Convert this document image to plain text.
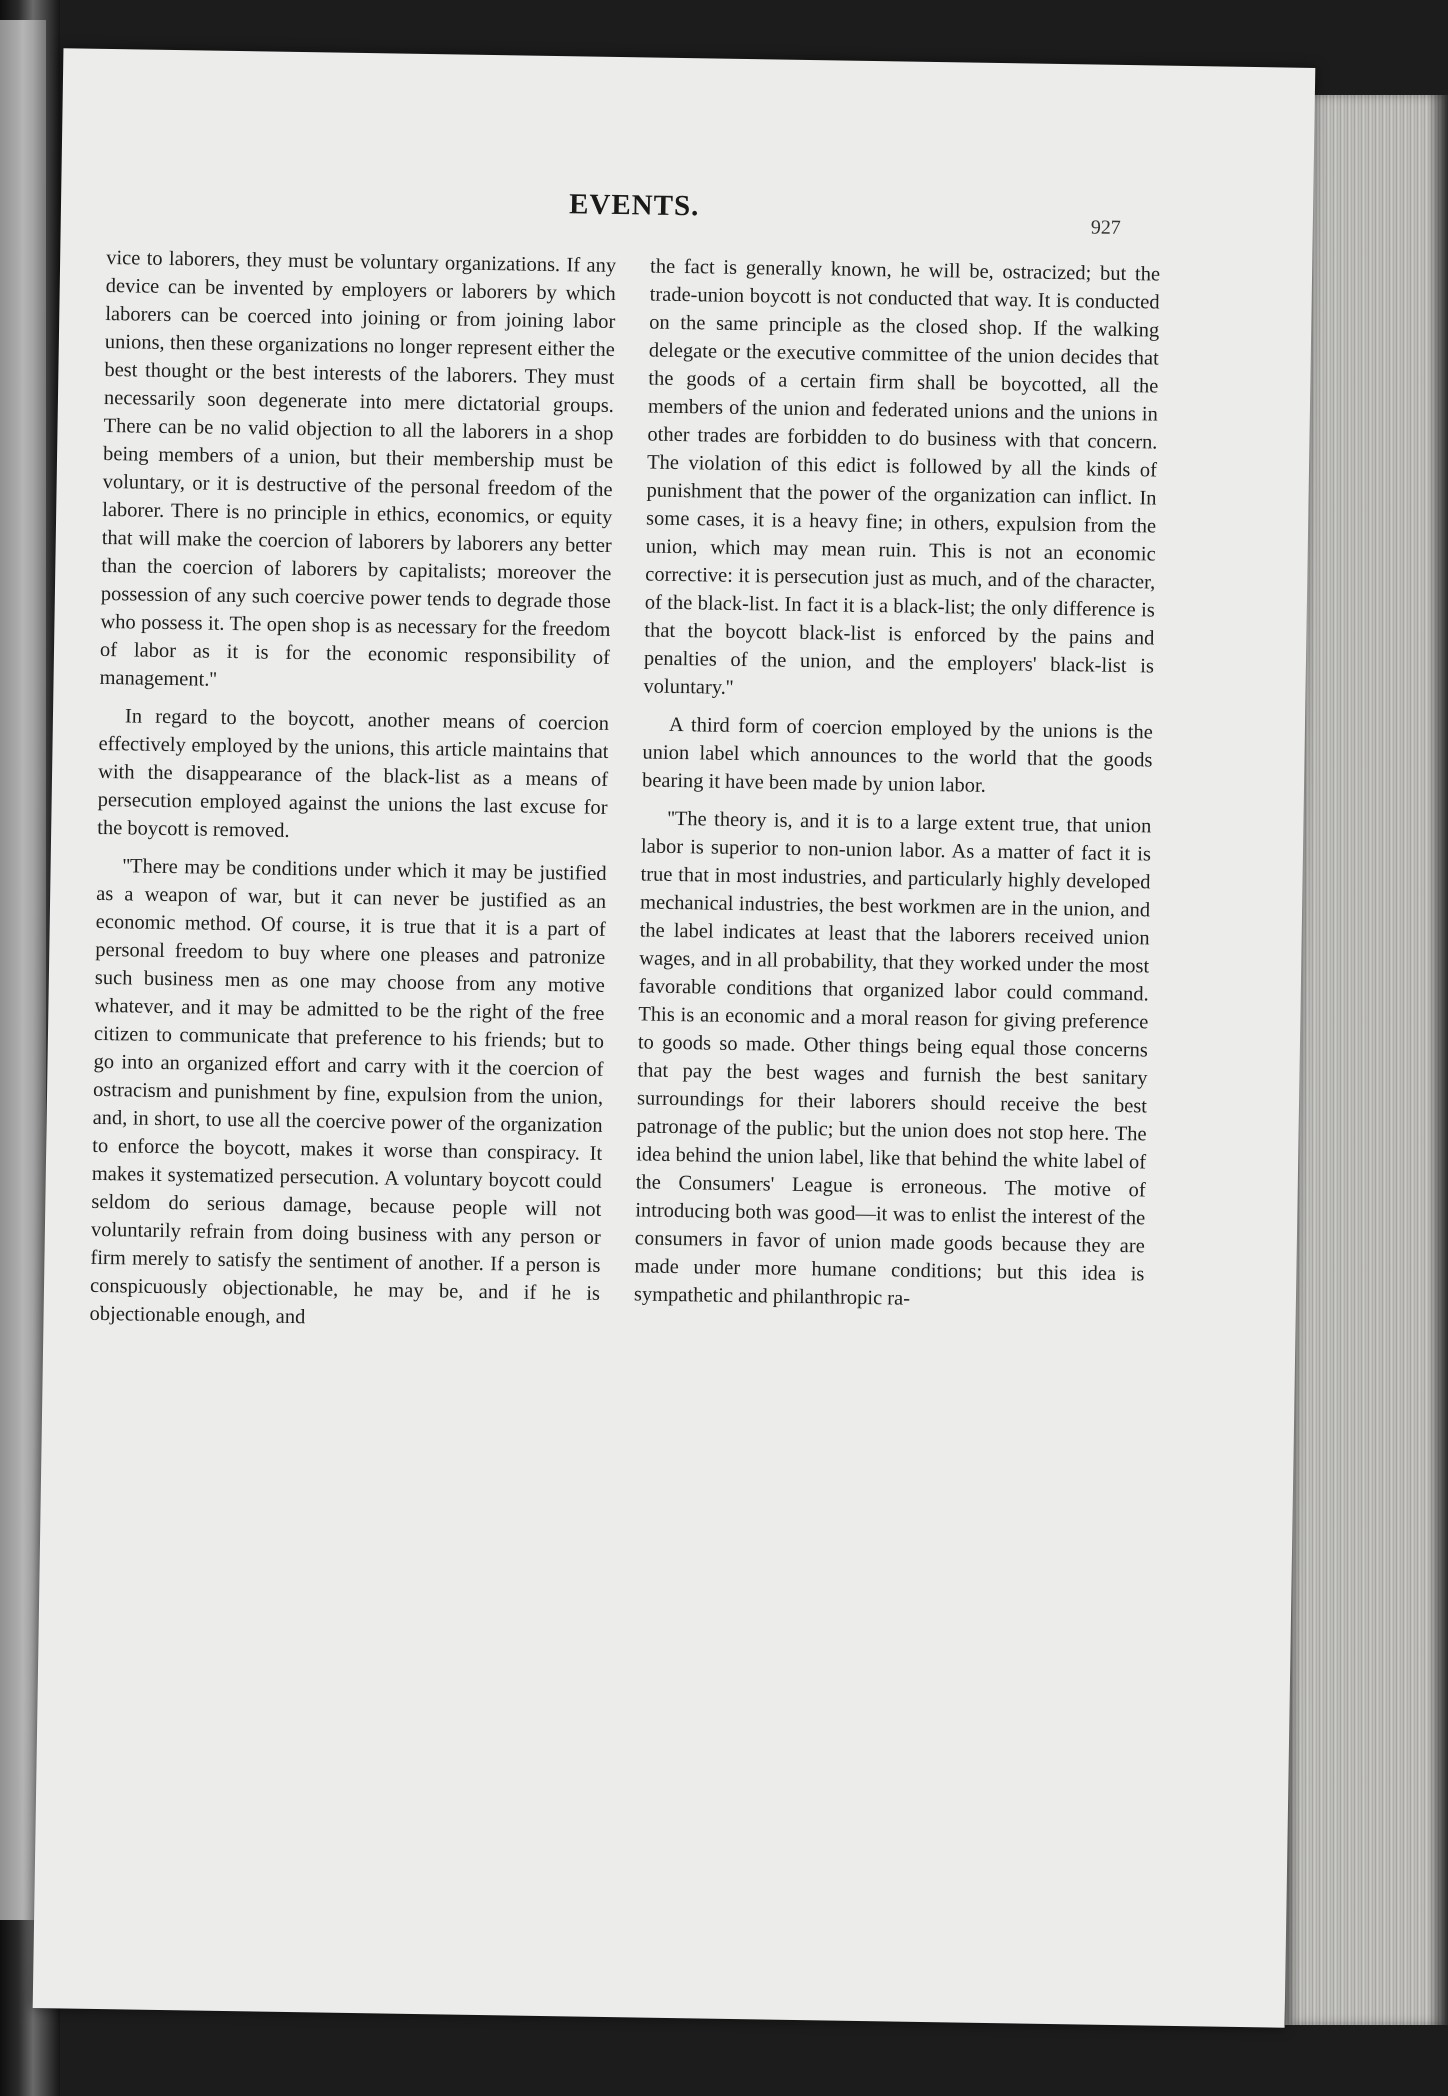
EVENTS.
927

vice to laborers, they must be voluntary organizations. If any device can be invented by employers or laborers by which laborers can be coerced into joining or from joining labor unions, then these organizations no longer represent either the best thought or the best interests of the laborers. They must necessarily soon degenerate into mere dictatorial groups. There can be no valid objection to all the laborers in a shop being members of a union, but their membership must be voluntary, or it is destructive of the personal freedom of the laborer. There is no principle in ethics, economics, or equity that will make the coercion of laborers by laborers any better than the coercion of laborers by capitalists; moreover the possession of any such coercive power tends to degrade those who possess it. The open shop is as necessary for the freedom of labor as it is for the economic responsibility of management.''

In regard to the boycott, another means of coercion effectively employed by the unions, this article maintains that with the disappearance of the black-list as a means of persecution employed against the unions the last excuse for the boycott is removed.

''There may be conditions under which it may be justified as a weapon of war, but it can never be justified as an economic method. Of course, it is true that it is a part of personal freedom to buy where one pleases and patronize such business men as one may choose from any motive whatever, and it may be admitted to be the right of the free citizen to communicate that preference to his friends; but to go into an organized effort and carry with it the coercion of ostracism and punishment by fine, expulsion from the union, and, in short, to use all the coercive power of the organization to enforce the boycott, makes it worse than conspiracy. It makes it systematized persecution. A voluntary boycott could seldom do serious damage, because people will not voluntarily refrain from doing business with any person or firm merely to satisfy the sentiment of another. If a person is conspicuously objectionable, he may be, and if he is objectionable enough, and

the fact is generally known, he will be, ostracized; but the trade-union boycott is not conducted that way. It is conducted on the same principle as the closed shop. If the walking delegate or the executive committee of the union decides that the goods of a certain firm shall be boycotted, all the members of the union and federated unions and the unions in other trades are forbidden to do business with that concern. The violation of this edict is followed by all the kinds of punishment that the power of the organization can inflict. In some cases, it is a heavy fine; in others, expulsion from the union, which may mean ruin. This is not an economic corrective: it is persecution just as much, and of the character, of the black-list. In fact it is a black-list; the only difference is that the boycott black-list is enforced by the pains and penalties of the union, and the employers' black-list is voluntary.''

A third form of coercion employed by the unions is the union label which announces to the world that the goods bearing it have been made by union labor.

''The theory is, and it is to a large extent true, that union labor is superior to non-union labor. As a matter of fact it is true that in most industries, and particularly highly developed mechanical industries, the best workmen are in the union, and the label indicates at least that the laborers received union wages, and in all probability, that they worked under the most favorable conditions that organized labor could command. This is an economic and a moral reason for giving preference to goods so made. Other things being equal those concerns that pay the best wages and furnish the best sanitary surroundings for their laborers should receive the best patronage of the public; but the union does not stop here. The idea behind the union label, like that behind the white label of the Consumers' League is erroneous. The motive of introducing both was good—it was to enlist the interest of the consumers in favor of union made goods because they are made under more humane conditions; but this idea is sympathetic and philanthropic ra-
